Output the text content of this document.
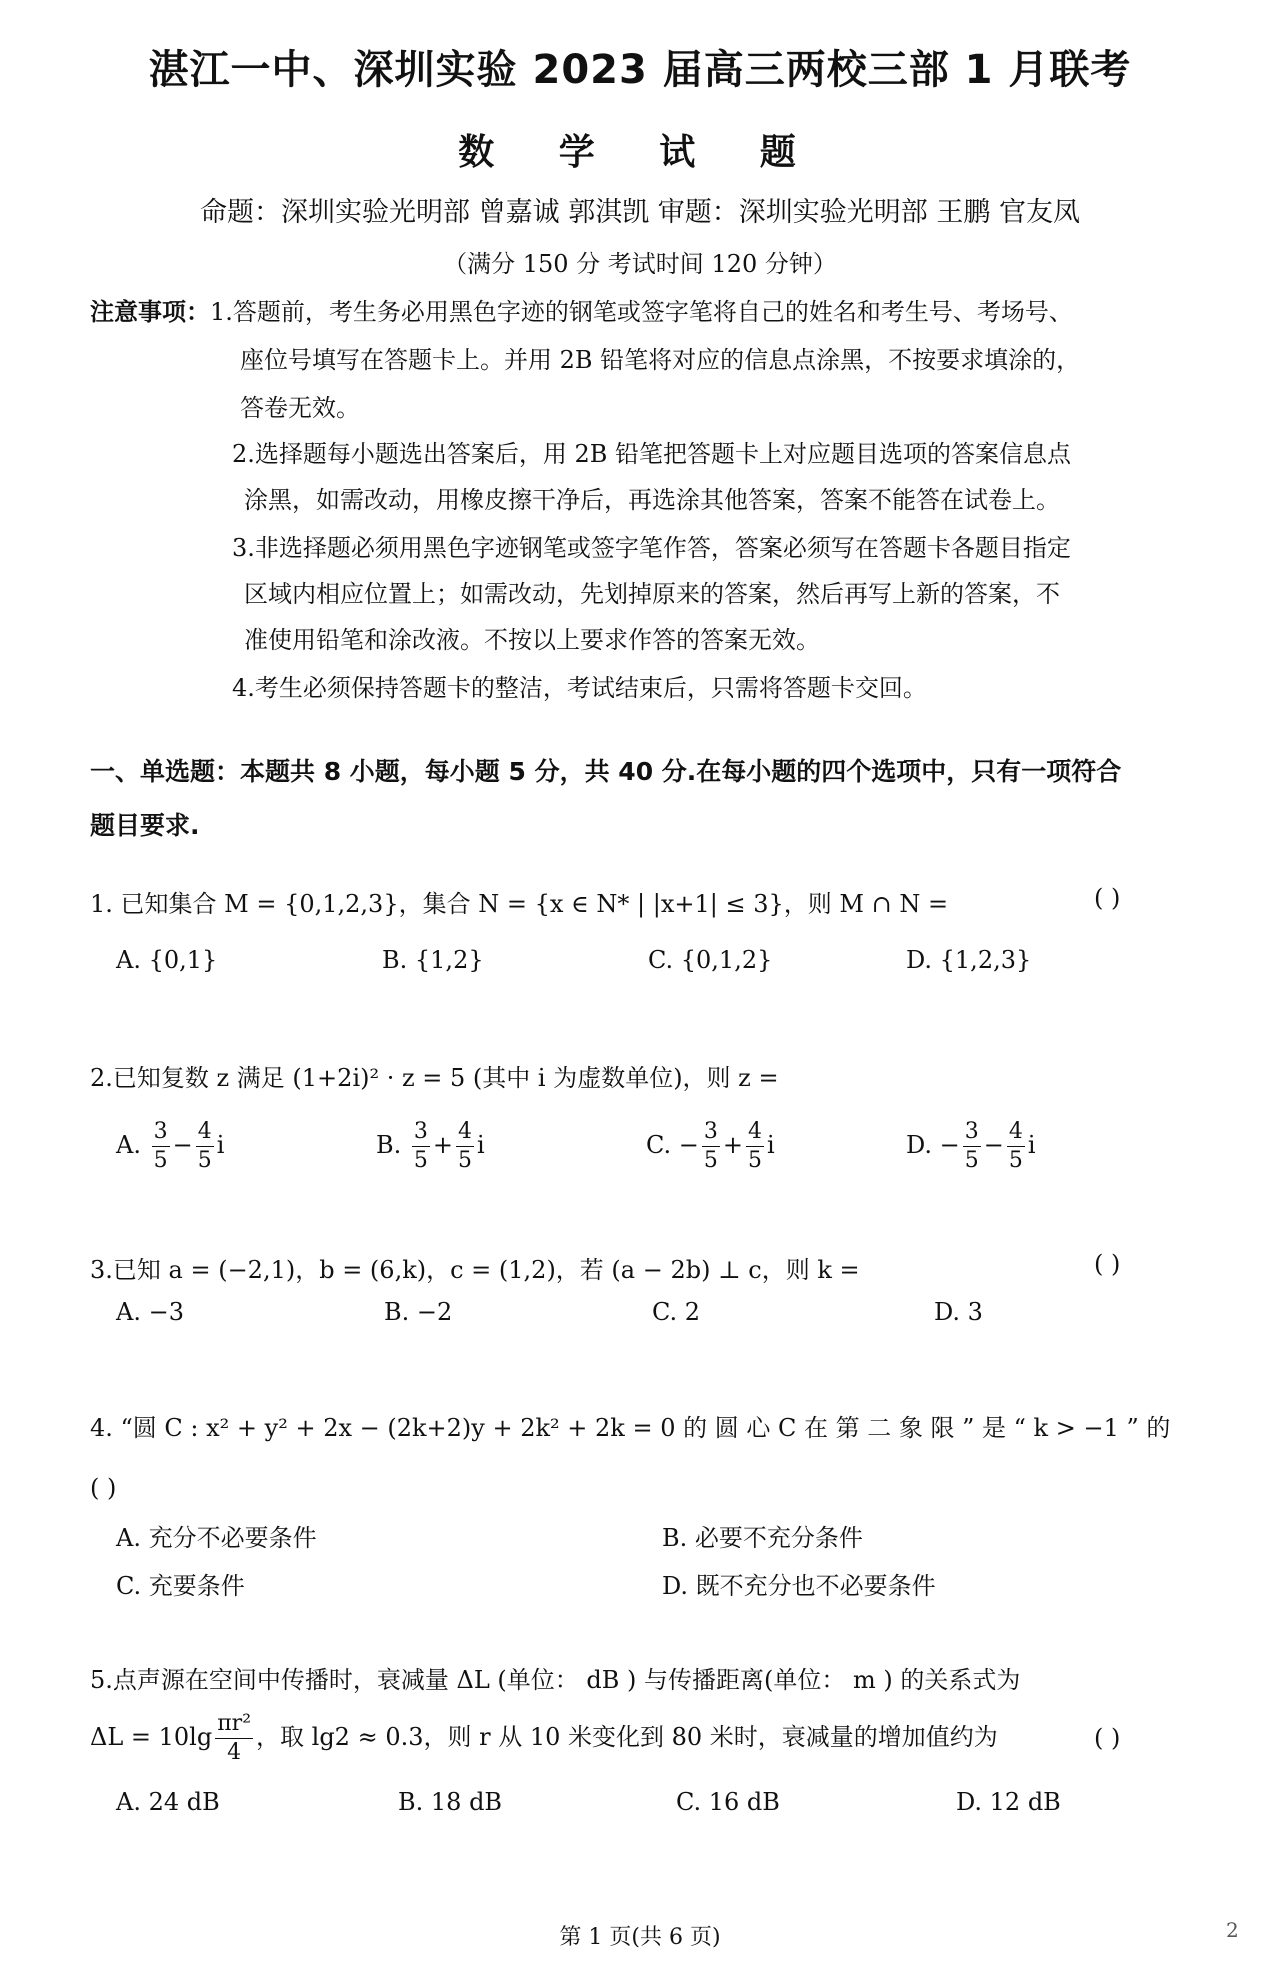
湛江一中、深圳实验 2023 届高三两校三部 1 月联考
数 学 试 题
命题：深圳实验光明部 曾嘉诚 郭淇凯 审题：深圳实验光明部 王鹏 官友凤
（满分 150 分 考试时间 120 分钟）
注意事项： 1.答题前，考生务必用黑色字迹的钢笔或签字笔将自己的姓名和考生号、考场号、
座位号填写在答题卡上。并用 2B 铅笔将对应的信息点涂黑，不按要求填涂的，
答卷无效。
2.选择题每小题选出答案后，用 2B 铅笔把答题卡上对应题目选项的答案信息点
涂黑，如需改动，用橡皮擦干净后，再选涂其他答案，答案不能答在试卷上。
3.非选择题必须用黑色字迹钢笔或签字笔作答，答案必须写在答题卡各题目指定
区域内相应位置上；如需改动，先划掉原来的答案，然后再写上新的答案，不
准使用铅笔和涂改液。不按以上要求作答的答案无效。
4.考生必须保持答题卡的整洁，考试结束后，只需将答题卡交回。
一、单选题：本题共 8 小题，每小题 5 分，共 40 分.在每小题的四个选项中，只有一项符合
题目要求.
1. 已知集合 M = {0,1,2,3}，集合 N = {x ∈ N* | |x+1| ≤ 3}，则 M ∩ N =	( )
A. {0,1}	B. {1,2}	C. {0,1,2}	D. {1,2,3}
2.已知复数 z 满足 (1+2i)² · z = 5 (其中 i 为虚数单位)，则 z =
A. $\frac{3}{5} - \frac{4}{5}$ i	B. $\frac{3}{5} + \frac{4}{5}$ i	C. − $\frac{3}{5} + \frac{4}{5}$ i	D. − $\frac{3}{5} - \frac{4}{5}$ i
3.已知 a = (−2,1)，b = (6,k)，c = (1,2)，若 (a − 2b) ⊥ c，则 k =	( )
A. −3	B. −2	C. 2	D. 3
4. “圆 C : x² + y² + 2x − (2k+2)y + 2k² + 2k = 0 的 圆 心 C 在 第 二 象 限 ” 是 “ k > −1 ” 的
( )
A. 充分不必要条件	B. 必要不充分条件
C. 充要条件	D. 既不充分也不必要条件
5.点声源在空间中传播时，衰减量 ΔL (单位： dB ) 与传播距离(单位： m ) 的关系式为
$\Delta L = 10\lg \frac{\text{πr²}}{4}$ ，取 lg2 ≈ 0.3，则 r 从 10 米变化到 80 米时，衰减量的增加值约为	( )
A. 24 dB	B. 18 dB	C. 16 dB	D. 12 dB
第 1 页(共 6 页)	2
